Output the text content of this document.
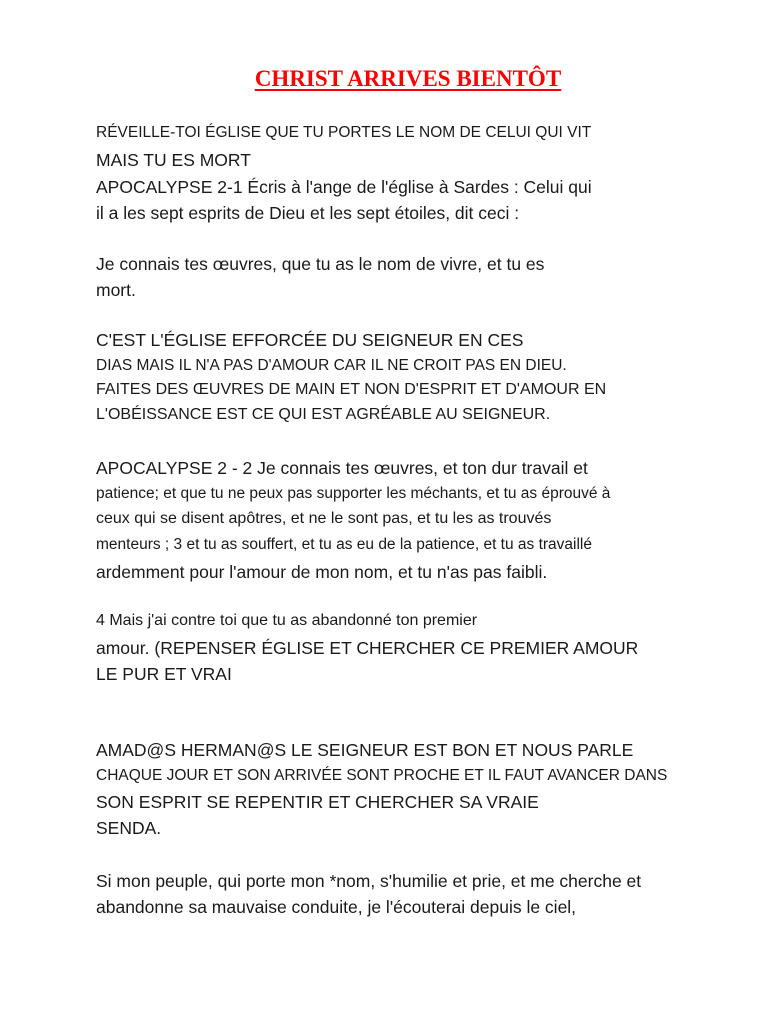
CHRIST ARRIVES BIENTÔT

RÉVEILLE-TOI ÉGLISE QUE TU PORTES LE NOM DE CELUI QUI VIT

MAIS TU ES MORT

APOCALYPSE 2-1 Écris à l'ange de l'église à Sardes : Celui qui

il a les sept esprits de Dieu et les sept étoiles, dit ceci :

Je connais tes œuvres, que tu as le nom de vivre, et tu es

mort.

C'EST L'ÉGLISE EFFORCÉE DU SEIGNEUR EN CES

DIAS MAIS IL N'A PAS D'AMOUR CAR IL NE CROIT PAS EN DIEU.

FAITES DES ŒUVRES DE MAIN ET NON D'ESPRIT ET D'AMOUR EN

L'OBÉISSANCE EST CE QUI EST AGRÉABLE AU SEIGNEUR.

APOCALYPSE 2 - 2 Je connais tes œuvres, et ton dur travail et

patience; et que tu ne peux pas supporter les méchants, et tu as éprouvé à

ceux qui se disent apôtres, et ne le sont pas, et tu les as trouvés

menteurs ; 3 et tu as souffert, et tu as eu de la patience, et tu as travaillé

ardemment pour l'amour de mon nom, et tu n'as pas faibli.

4 Mais j'ai contre toi que tu as abandonné ton premier

amour. (REPENSER ÉGLISE ET CHERCHER CE PREMIER AMOUR

LE PUR ET VRAI

AMAD@S HERMAN@S LE SEIGNEUR EST BON ET NOUS PARLE

CHAQUE JOUR ET SON ARRIVÉE SONT PROCHE ET IL FAUT AVANCER DANS

SON ESPRIT SE REPENTIR ET CHERCHER SA VRAIE

SENDA.

Si mon peuple, qui porte mon *nom, s'humilie et prie, et me cherche et

abandonne sa mauvaise conduite, je l'écouterai depuis le ciel,
